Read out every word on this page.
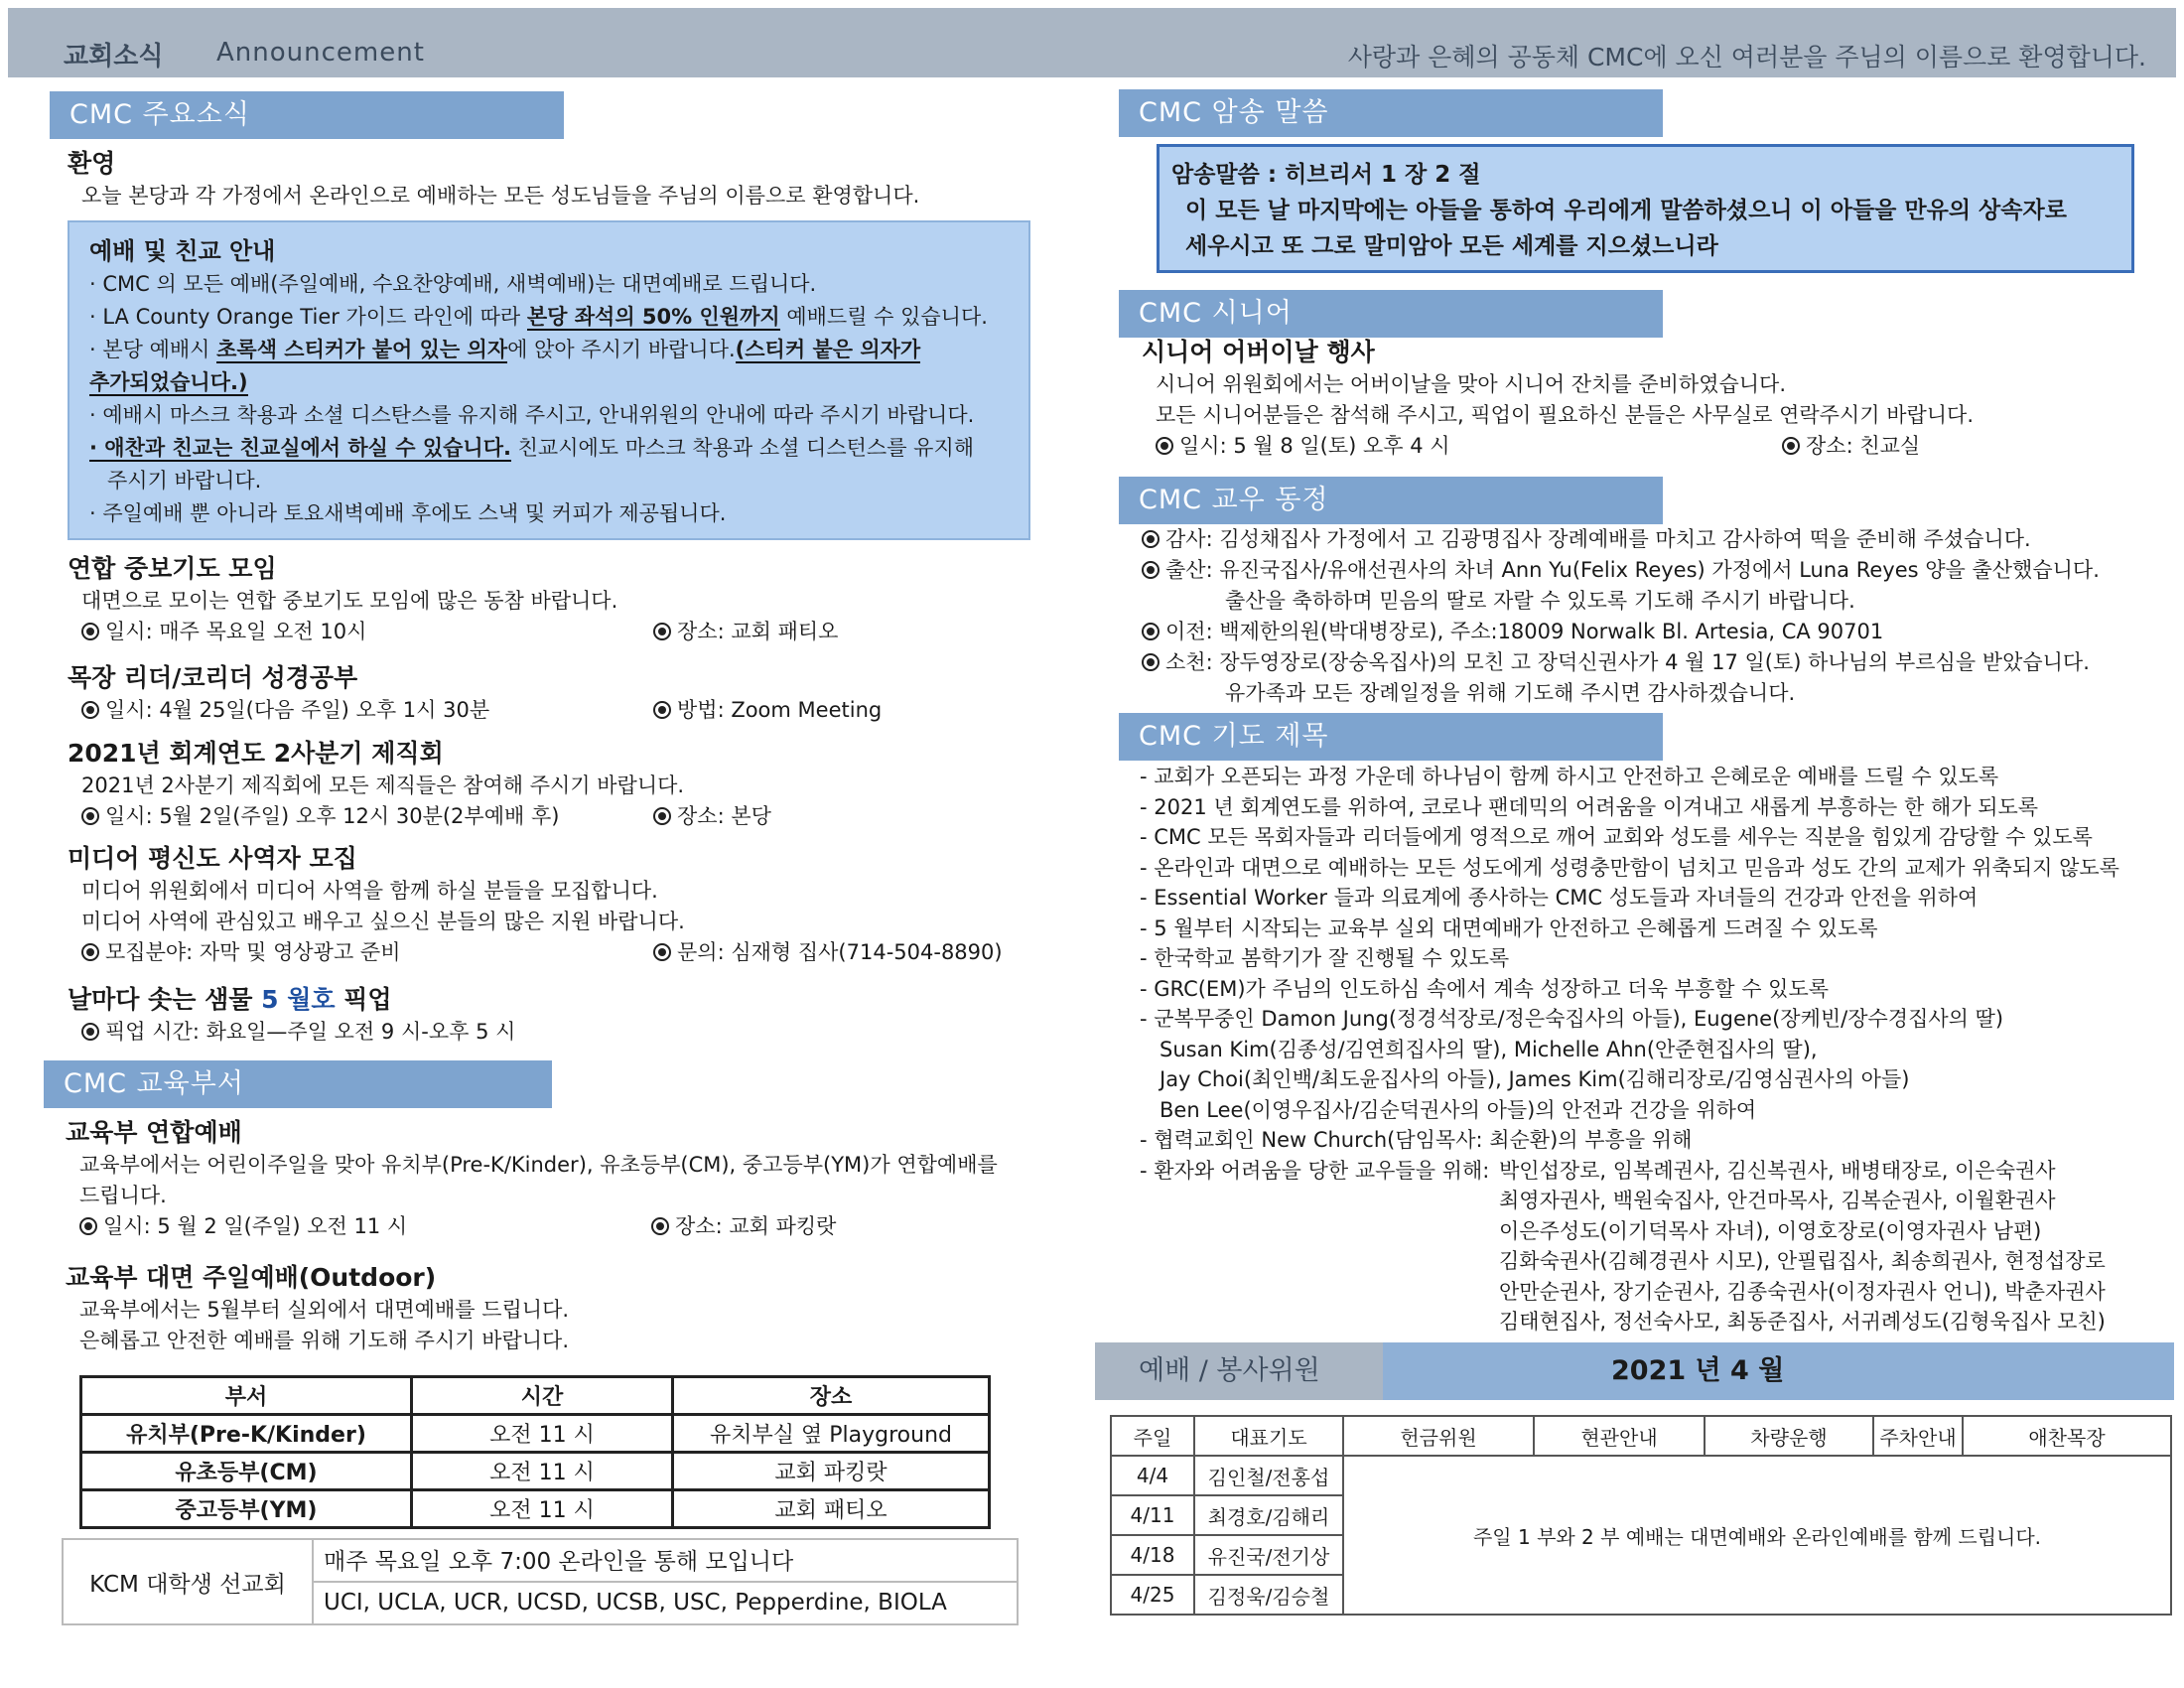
교회소식 Announcement	사랑과 은혜의 공동체 CMC에 오신 여러분을 주님의 이름으로 환영합니다.
CMC 주요소식

환영

오늘 본당과 각 가정에서 온라인으로 예배하는 모든 성도님들을 주님의 이름으로 환영합니다.

예배 및 친교 안내

· CMC 의 모든 예배(주일예배, 수요찬양예배, 새벽예배)는 대면예배로 드립니다.

· LA County Orange Tier 가이드 라인에 따라 본당 좌석의 50% 인원까지 예배드릴 수 있습니다.

· 본당 예배시 초록색 스티커가 붙어 있는 의자에 앉아 주시기 바랍니다.(스티커 붙은 의자가

추가되었습니다.)

· 예배시 마스크 착용과 소셜 디스탄스를 유지해 주시고, 안내위원의 안내에 따라 주시기 바랍니다.

· 애찬과 친교는 친교실에서 하실 수 있습니다. 친교시에도 마스크 착용과 소셜 디스턴스를 유지해

주시기 바랍니다.

· 주일예배 뿐 아니라 토요새벽예배 후에도 스낵 및 커피가 제공됩니다.

연합 중보기도 모임

대면으로 모이는 연합 중보기도 모임에 많은 동참 바랍니다.

일시: 매주 목요일 오전 10시	장소: 교회 패티오

목장 리더/코리더 성경공부

일시: 4월 25일(다음 주일) 오후 1시 30분	방법: Zoom Meeting

2021년 회계연도 2사분기 제직회

2021년 2사분기 제직회에 모든 제직들은 참여해 주시기 바랍니다.

일시: 5월 2일(주일) 오후 12시 30분(2부예배 후)	장소: 본당

미디어 평신도 사역자 모집

미디어 위원회에서 미디어 사역을 함께 하실 분들을 모집합니다.

미디어 사역에 관심있고 배우고 싶으신 분들의 많은 지원 바랍니다.

모집분야: 자막 및 영상광고 준비	문의: 심재형 집사(714-504-8890)

날마다 솟는 샘물 5 월호 픽업

픽업 시간: 화요일—주일 오전 9 시-오후 5 시
CMC 교육부서

교육부 연합예배

교육부에서는 어린이주일을 맞아 유치부(Pre-K/Kinder), 유초등부(CM), 중고등부(YM)가 연합예배를

드립니다.

일시: 5 월 2 일(주일) 오전 11 시	장소: 교회 파킹랏

교육부 대면 주일예배(Outdoor)

교육부에서는 5월부터 실외에서 대면예배를 드립니다.

은혜롭고 안전한 예배를 위해 기도해 주시기 바랍니다.

부서	시간	장소
유치부(Pre-K/Kinder)	오전 11 시	유치부실 옆 Playground
유초등부(CM)	오전 11 시	교회 파킹랏
중고등부(YM)	오전 11 시	교회 패티오
KCM 대학생 선교회
매주 목요일 오후 7:00 온라인을 통해 모입니다
UCI, UCLA, UCR, UCSD, UCSB, USC, Pepperdine, BIOLA
CMC 암송 말씀
암송말씀 : 히브리서 1 장 2 절
이 모든 날 마지막에는 아들을 통하여 우리에게 말씀하셨으니 이 아들을 만유의 상속자로
세우시고 또 그로 말미암아 모든 세계를 지으셨느니라
CMC 시니어

시니어 어버이날 행사

시니어 위원회에서는 어버이날을 맞아 시니어 잔치를 준비하였습니다.

모든 시니어분들은 참석해 주시고, 픽업이 필요하신 분들은 사무실로 연락주시기 바랍니다.

일시: 5 월 8 일(토) 오후 4 시	장소: 친교실
CMC 교우 동정

감사: 김성채집사 가정에서 고 김광명집사 장례예배를 마치고 감사하여 떡을 준비해 주셨습니다.

출산: 유진국집사/유애선권사의 차녀 Ann Yu(Felix Reyes) 가정에서 Luna Reyes 양을 출산했습니다.

출산을 축하하며 믿음의 딸로 자랄 수 있도록 기도해 주시기 바랍니다.

이전: 백제한의원(박대병장로), 주소:18009 Norwalk Bl. Artesia, CA 90701

소천: 장두영장로(장숭옥집사)의 모친 고 장덕신권사가 4 월 17 일(토) 하나님의 부르심을 받았습니다.

유가족과 모든 장례일정을 위해 기도해 주시면 감사하겠습니다.

CMC 기도 제목

- 교회가 오픈되는 과정 가운데 하나님이 함께 하시고 안전하고 은혜로운 예배를 드릴 수 있도록

- 2021 년 회계연도를 위하여, 코로나 팬데믹의 어려움을 이겨내고 새롭게 부흥하는 한 해가 되도록

- CMC 모든 목회자들과 리더들에게 영적으로 깨어 교회와 성도를 세우는 직분을 힘있게 감당할 수 있도록

- 온라인과 대면으로 예배하는 모든 성도에게 성령충만함이 넘치고 믿음과 성도 간의 교제가 위축되지 않도록

- Essential Worker 들과 의료계에 종사하는 CMC 성도들과 자녀들의 건강과 안전을 위하여

- 5 월부터 시작되는 교육부 실외 대면예배가 안전하고 은혜롭게 드려질 수 있도록

- 한국학교 봄학기가 잘 진행될 수 있도록

- GRC(EM)가 주님의 인도하심 속에서 계속 성장하고 더욱 부흥할 수 있도록

- 군복무중인 Damon Jung(정경석장로/정은숙집사의 아들), Eugene(장케빈/장수경집사의 딸)

Susan Kim(김종성/김연희집사의 딸), Michelle Ahn(안준현집사의 딸),

Jay Choi(최인백/최도윤집사의 아들), James Kim(김해리장로/김영심권사의 아들)

Ben Lee(이영우집사/김순덕권사의 아들)의 안전과 건강을 위하여

- 협력교회인 New Church(담임목사: 최순환)의 부흥을 위해

- 환자와 어려움을 당한 교우들을 위해: 박인섭장로, 임복례권사, 김신복권사, 배병태장로, 이은숙권사

최영자권사, 백원숙집사, 안건마목사, 김복순권사, 이월환권사

이은주성도(이기덕목사 자녀), 이영호장로(이영자권사 남편)

김화숙권사(김혜경권사 시모), 안필립집사, 최송희권사, 현정섭장로

안만순권사, 장기순권사, 김종숙권사(이정자권사 언니), 박춘자권사

김태현집사, 정선숙사모, 최동준집사, 서귀례성도(김형욱집사 모친)

예배 / 봉사위원	2021 년 4 월
주일	대표기도	헌금위원	현관안내	차량운행	주차안내	애찬목장
4/4	김인철/전홍섭	주일 1 부와 2 부 예배는 대면예배와 온라인예배를 함께 드립니다.				
4/11	최경호/김해리					
4/18	유진국/전기상					
4/25	김정욱/김승철					
